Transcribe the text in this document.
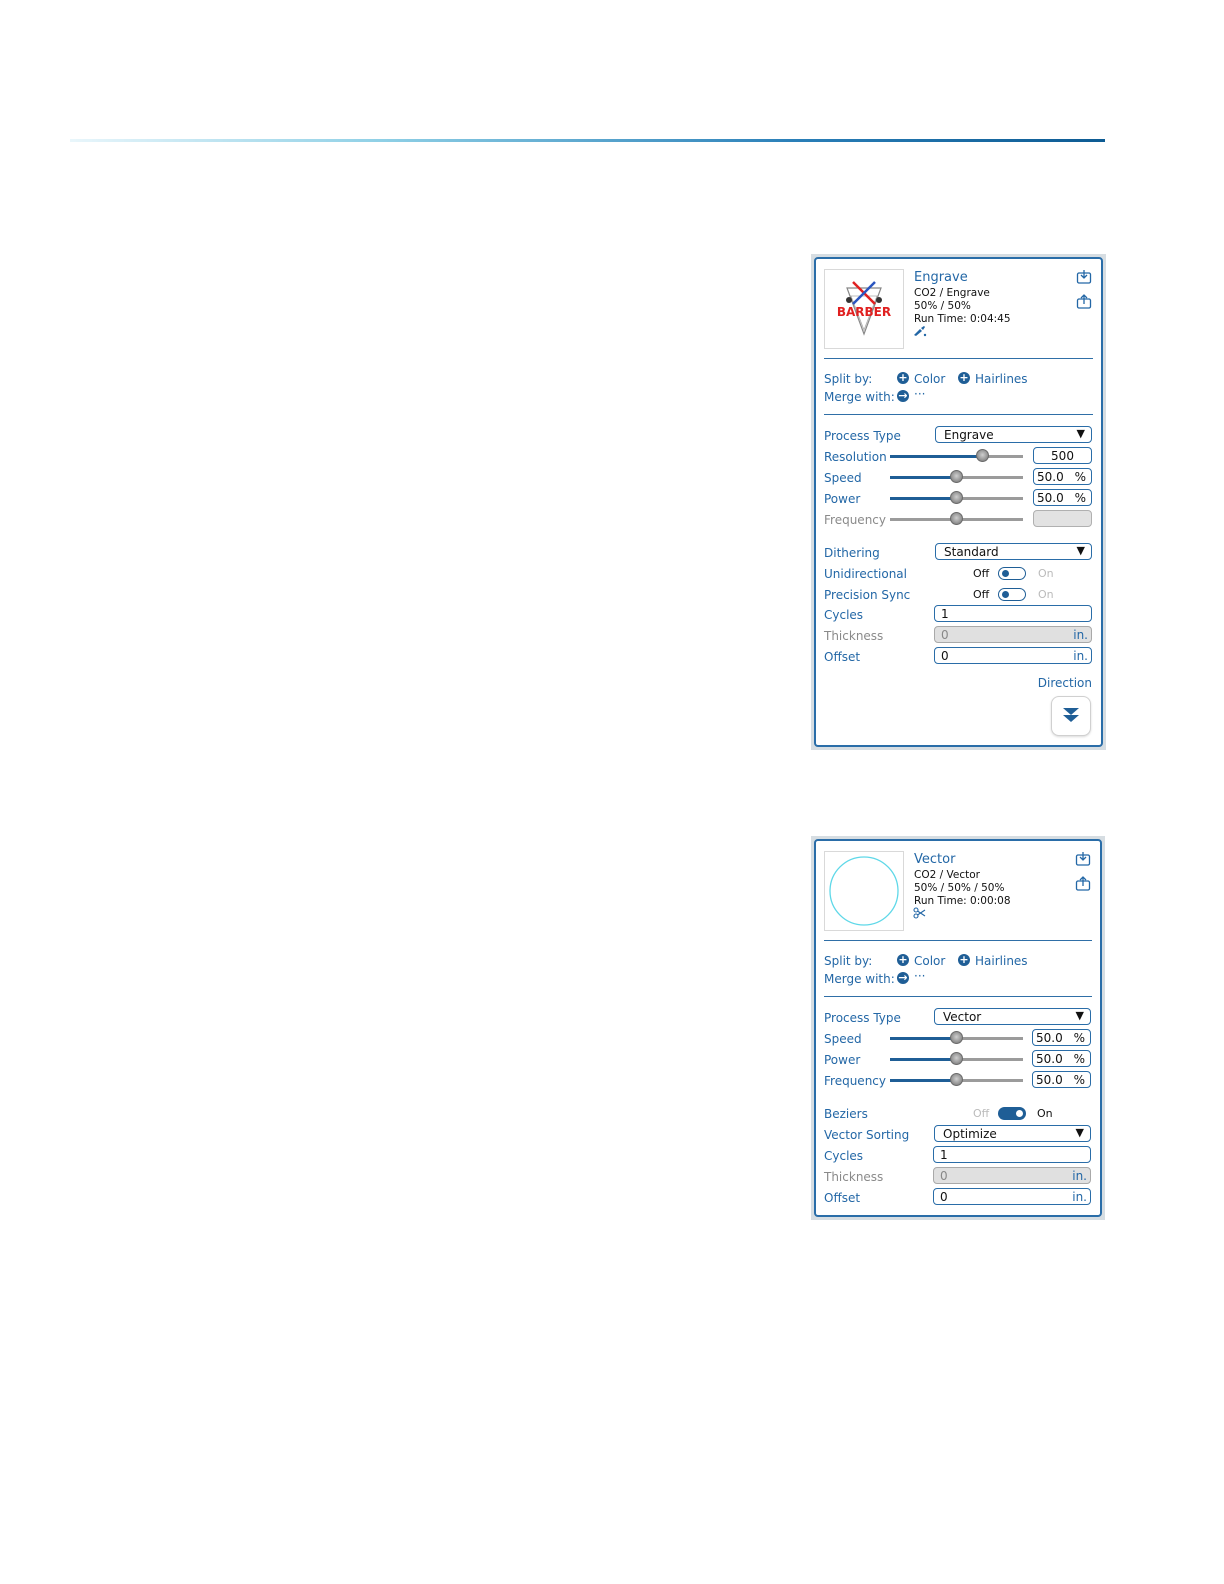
BARBER
Engrave
CO2 / Engrave
50% / 50%
Run Time: 0:04:45
Split by: + Color + Hairlines
Merge with: → ···
Process Type	Engrave	▼
Resolution	500
Speed	50.0 %
Power	50.0 %
Frequency
Dithering	Standard	▼
Unidirectional	Off	On
Precision Sync	Off	On
Cycles	1
Thickness	0	in.
Offset	0	in.
Direction
Vector
CO2 / Vector
50% / 50% / 50%
Run Time: 0:00:08
Split by: + Color + Hairlines
Merge with: → ···
Process Type	Vector	▼
Speed	50.0 %
Power	50.0 %
Frequency	50.0 %
Beziers	Off	On
Vector Sorting	Optimize	▼
Cycles	1
Thickness	0	in.
Offset	0	in.
